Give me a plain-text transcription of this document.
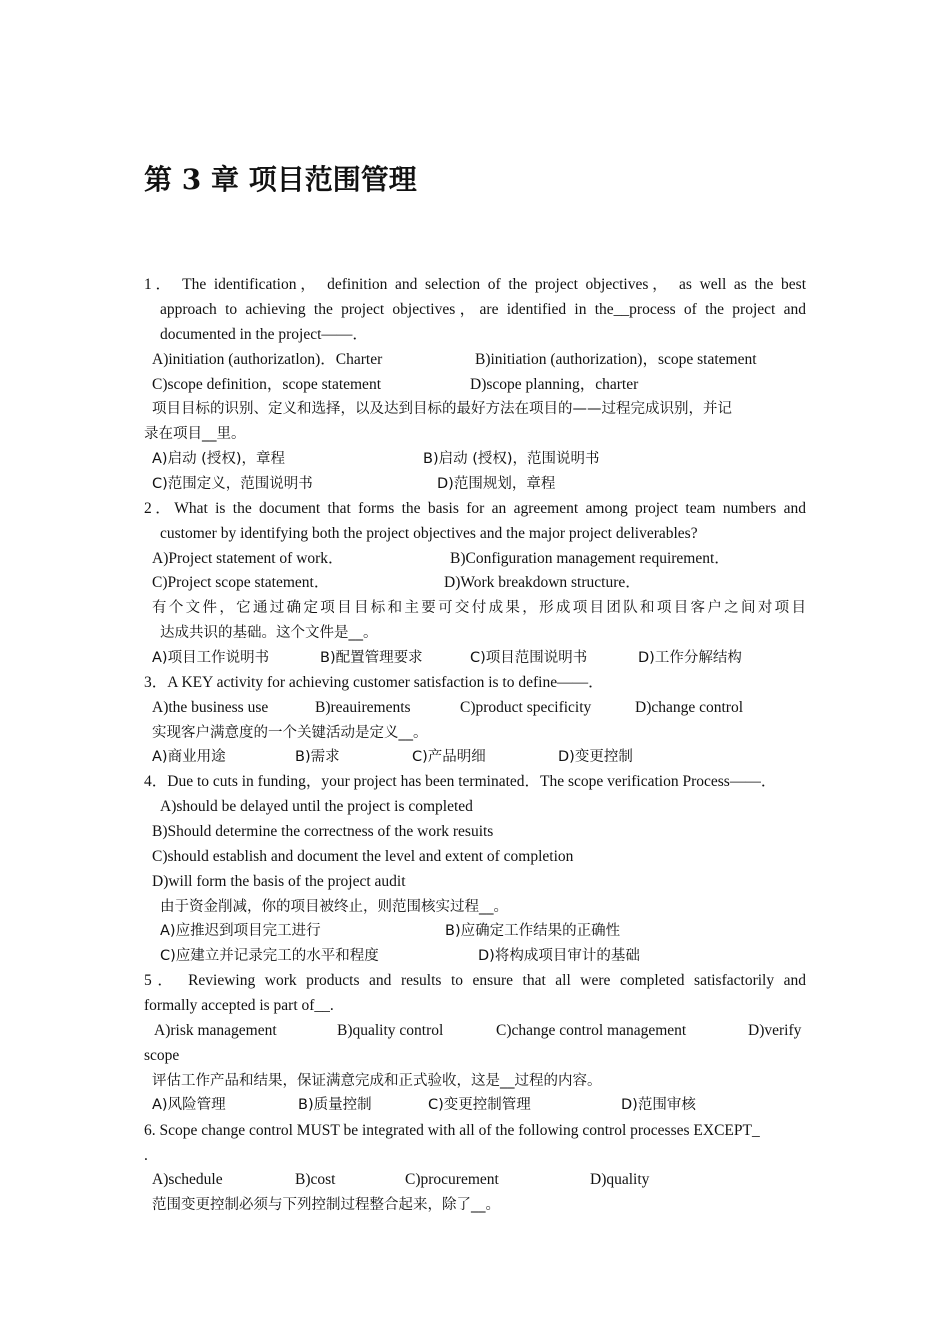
第 3 章 项目范围管理
1． The identification， definition and selection of the project objectives， as well as the best
approach to achieving the project objectives，are identified in the__process of the project and
documented in the project——．
A)initiation (authorizatlon)．Charter	B)initiation (authorization)，scope statement
C)scope definition，scope statement	D)scope planning，charter
项目目标的识别、定义和选择，以及达到目标的最好方法在项目的——过程完成识别，并记
录在项目__里。
A)启动 (授权)，章程	B)启动 (授权)，范围说明书
C)范围定义，范围说明书	D)范围规划，章程
2．What is the document that forms the basis for an agreement among project team numbers and
customer by identifying both the project objectives and the major project deliverables?
A)Project statement of work．	B)Configuration management requirement．
C)Project scope statement．	D)Work breakdown structure．
有个文件，它通过确定项目目标和主要可交付成果，形成项目团队和项目客户之间对项目
达成共识的基础。这个文件是__。
A)项目工作说明书	B)配置管理要求	C)项目范围说明书	D)工作分解结构
3．A KEY activity for achieving customer satisfaction is to define——．
A)the business use	B)reauirements	C)product specificity	D)change control
实现客户满意度的一个关键活动是定义__。
A)商业用途	B)需求	C)产品明细	D)变更控制
4．Due to cuts in funding，your project has been terminated．The scope verification Process——．
A)should be delayed until the project is completed
B)Should determine the correctness of the work resuits
C)should establish and document the level and extent of completion
D)will form the basis of the project audit
由于资金削减，你的项目被终止，则范围核实过程__。
A)应推迟到项目完工进行	B)应确定工作结果的正确性
C)应建立并记录完工的水平和程度	D)将构成项目审计的基础
5． Reviewing work products and results to ensure that all were completed satisfactorily and
formally accepted is part of__.
A)risk management	B)quality control	C)change control management	D)verify
scope
评估工作产品和结果，保证满意完成和正式验收，这是__过程的内容。
A)风险管理	B)质量控制	C)变更控制管理	D)范围审核
6. Scope change control MUST be integrated with all of the following control processes EXCEPT_
.
A)schedule	B)cost	C)procurement	D)quality
范围变更控制必须与下列控制过程整合起来，除了__。
